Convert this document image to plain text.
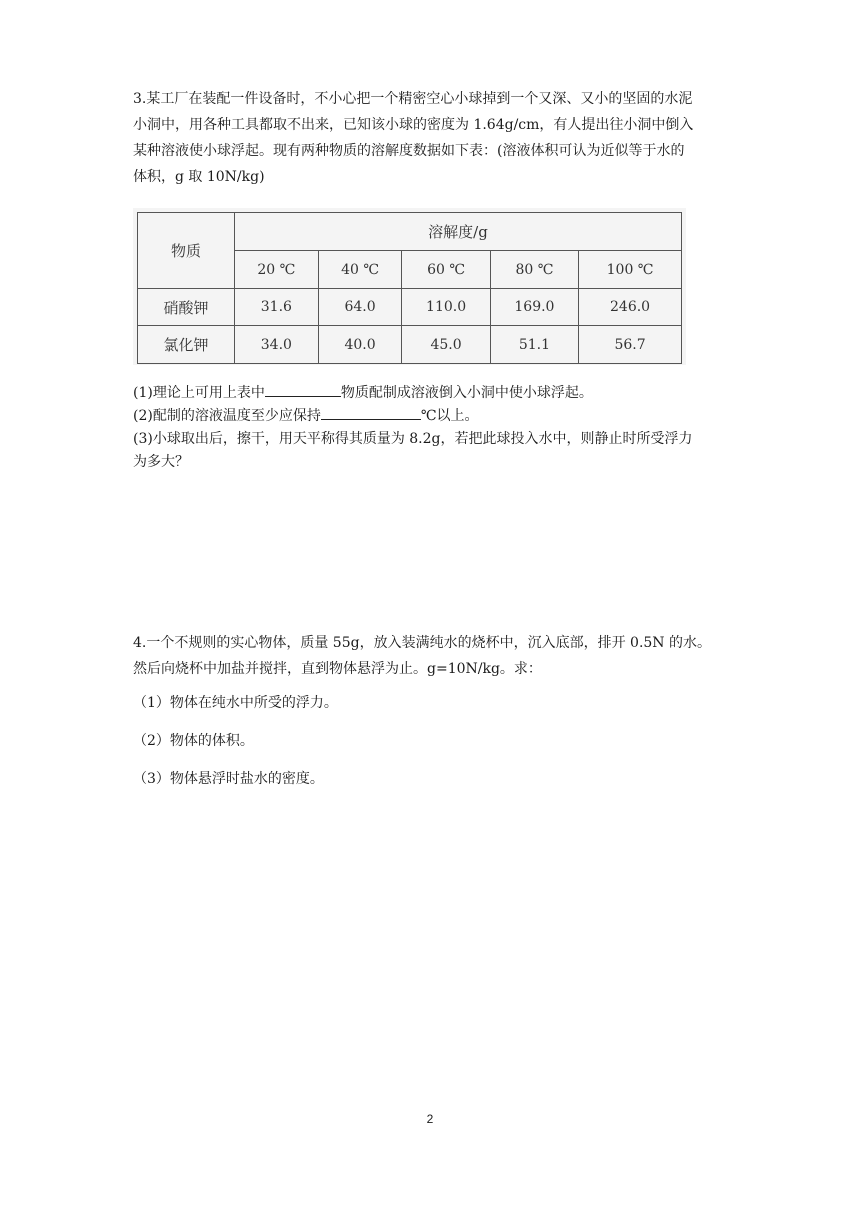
3.某工厂在装配一件设备时，不小心把一个精密空心小球掉到一个又深、又小的坚固的水泥
小洞中，用各种工具都取不出来，已知该小球的密度为 1.64g/cm，有人提出往小洞中倒入
某种溶液使小球浮起。现有两种物质的溶解度数据如下表：(溶液体积可认为近似等于水的
体积，g 取 10N/kg)
物质	溶解度/g				
	20 ℃	40 ℃	60 ℃	80 ℃	100 ℃
硝酸钾	31.6	64.0	110.0	169.0	246.0
氯化钾	34.0	40.0	45.0	51.1	56.7
(1)理论上可用上表中	物质配制成溶液倒入小洞中使小球浮起。
(2)配制的溶液温度至少应保持	℃以上。
(3)小球取出后，擦干，用天平称得其质量为 8.2g，若把此球投入水中，则静止时所受浮力
为多大？
4.一个不规则的实心物体，质量 55g，放入装满纯水的烧杯中，沉入底部，排开 0.5N 的水。
然后向烧杯中加盐并搅拌，直到物体悬浮为止。g=10N/kg。求：
（1）物体在纯水中所受的浮力。
（2）物体的体积。
（3）物体悬浮时盐水的密度。
2
